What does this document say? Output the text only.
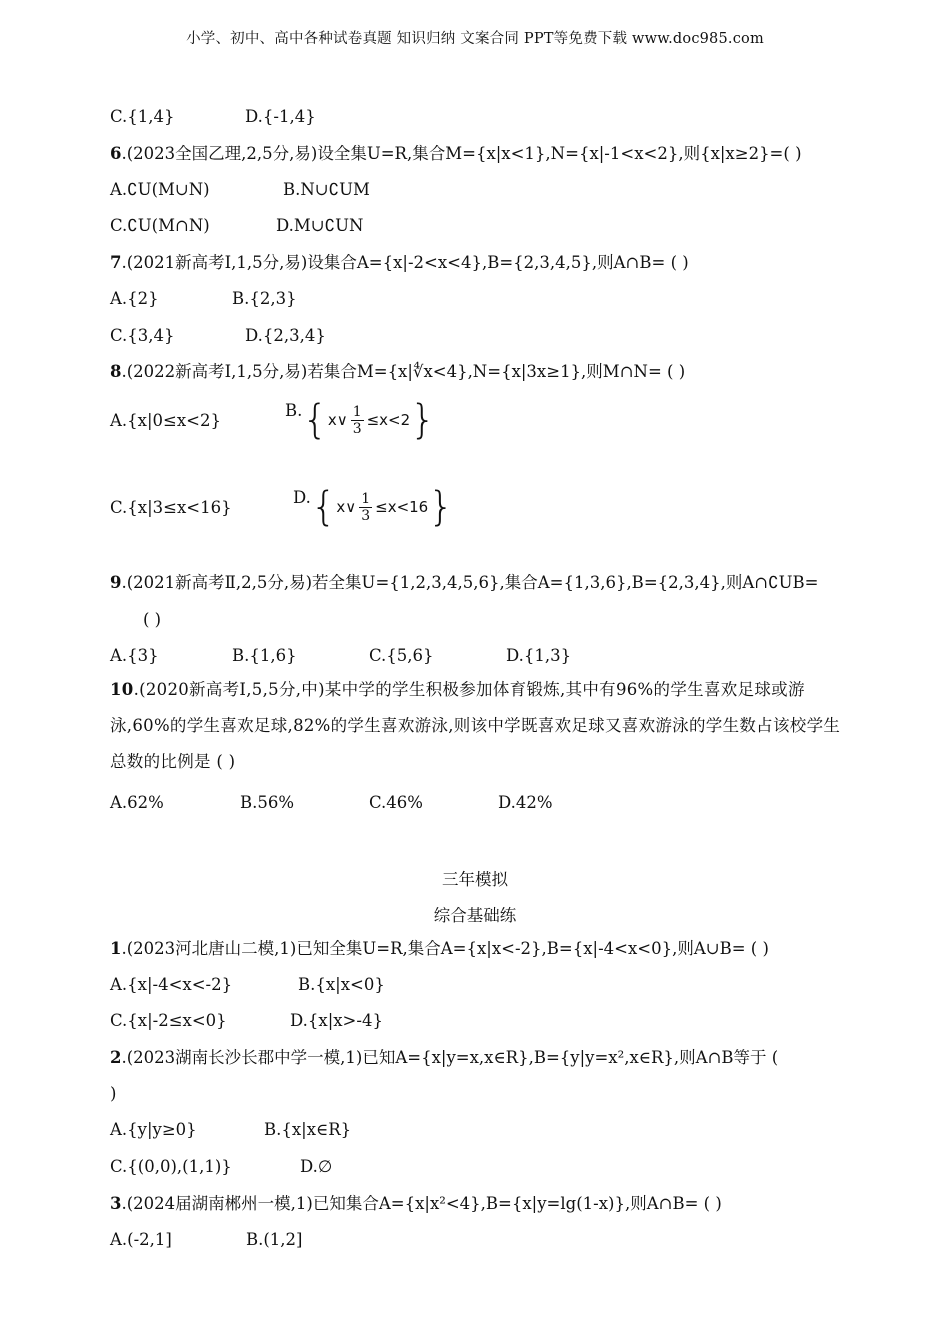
小学、初中、高中各种试卷真题 知识归纳 文案合同 PPT等免费下载 www.doc985.com
C.{1,4}	D.{-1,4}
6.(2023全国乙理,2,5分,易)设全集U=R,集合M={x|x<1},N={x|-1<x<2},则{x|x≥2}=( )
A.∁U(M∪N)	B.N∪∁UM
C.∁U(M∩N)	D.M∪∁UN
7.(2021新高考Ⅰ,1,5分,易)设集合A={x|-2<x<4},B={2,3,4,5},则A∩B= ( )
A.{2}	B.{2,3}
C.{3,4}	D.{2,3,4}
8.(2022新高考Ⅰ,1,5分,易)若集合M={x|∜x<4},N={x|3x≥1},则M∩N= ( )
A.{x|0≤x<2}
B.{x∨ $\frac{1}{3} \le x<2$}
C.{x|3≤x<16}
D.{x∨ $\frac{1}{3} \le x<16$}
9.(2021新高考Ⅱ,2,5分,易)若全集U={1,2,3,4,5,6},集合A={1,3,6},B={2,3,4},则A∩∁UB=
( )
A.{3}	B.{1,6}	C.{5,6}	D.{1,3}
10.(2020新高考Ⅰ,5,5分,中)某中学的学生积极参加体育锻炼,其中有96%的学生喜欢足球或游泳,60%的学生喜欢足球,82%的学生喜欢游泳,则该中学既喜欢足球又喜欢游泳的学生数占该校学生总数的比例是 ( )
A.62%	B.56%	C.46%	D.42%
三年模拟
综合基础练
1.(2023河北唐山二模,1)已知全集U=R,集合A={x|x<-2},B={x|-4<x<0},则A∪B= ( )
A.{x|-4<x<-2}	B.{x|x<0}
C.{x|-2≤x<0}	D.{x|x>-4}
2.(2023湖南长沙长郡中学一模,1)已知A={x|y=x,x∈R},B={y|y=x²,x∈R},则A∩B等于 (
)
A.{y|y≥0}	B.{x|x∈R}
C.{(0,0),(1,1)}	D.∅
3.(2024届湖南郴州一模,1)已知集合A={x|x²<4},B={x|y=lg(1-x)},则A∩B= ( )
A.(-2,1]	B.(1,2]
